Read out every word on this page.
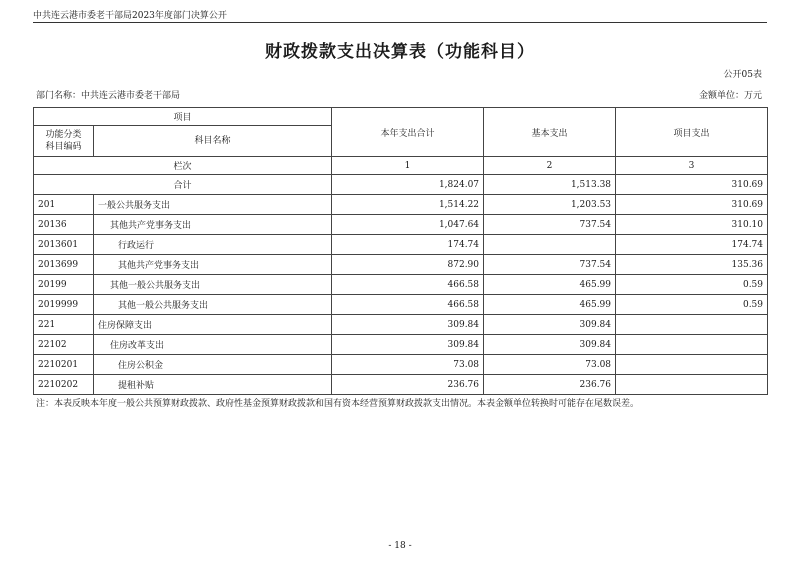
中共连云港市委老干部局2023年度部门决算公开
财政拨款支出决算表（功能科目）
公开05表
部门名称：中共连云港市委老干部局	金额单位：万元
项目		本年支出合计	基本支出	项目支出
功能分类
科目编码	科目名称			
栏次		1	2	3
合计		1,824.07	1,513.38	310.69
201	一般公共服务支出	1,514.22	1,203.53	310.69
20136	其他共产党事务支出	1,047.64	737.54	310.10
2013601	行政运行	174.74		174.74
2013699	其他共产党事务支出	872.90	737.54	135.36
20199	其他一般公共服务支出	466.58	465.99	0.59
2019999	其他一般公共服务支出	466.58	465.99	0.59
221	住房保障支出	309.84	309.84	
22102	住房改革支出	309.84	309.84	
2210201	住房公积金	73.08	73.08	
2210202	提租补贴	236.76	236.76	
注：本表反映本年度一般公共预算财政拨款、政府性基金预算财政拨款和国有资本经营预算财政拨款支出情况。本表金额单位转换时可能存在尾数误差。
- 18 -
